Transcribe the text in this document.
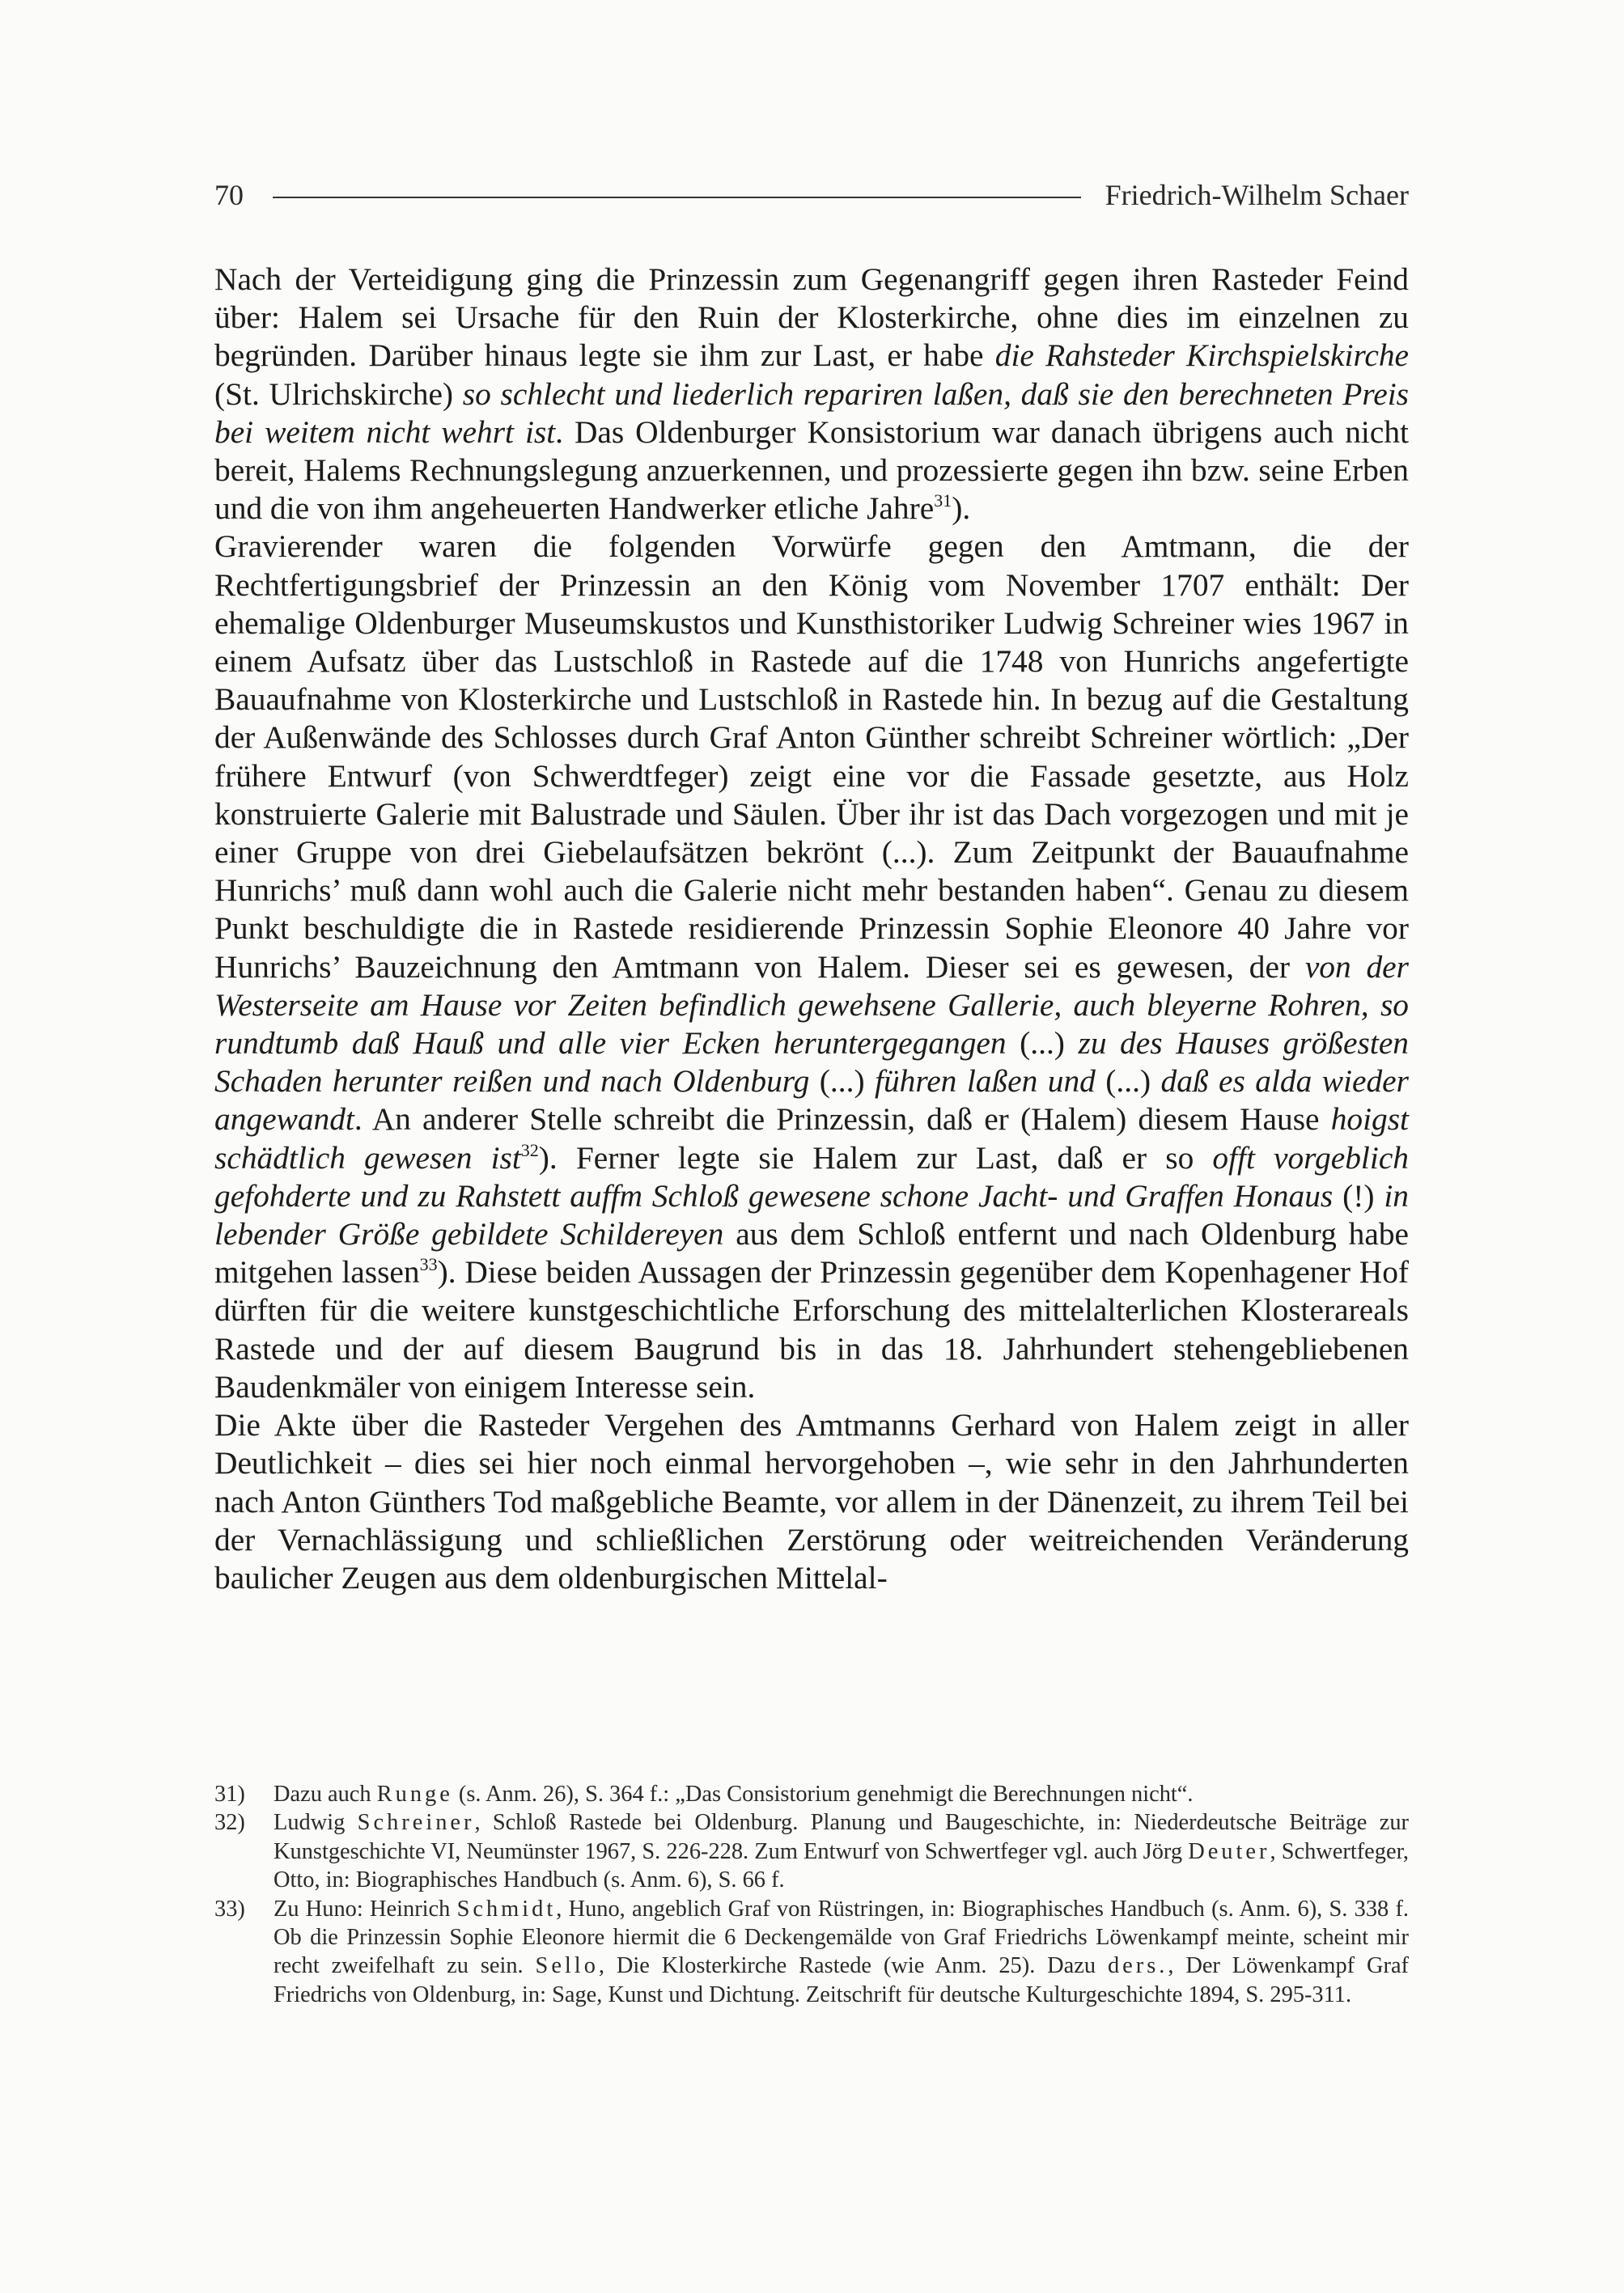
70	Friedrich-Wilhelm Schaer

Nach der Verteidigung ging die Prinzessin zum Gegenangriff gegen ihren Rasteder Feind über: Halem sei Ursache für den Ruin der Klosterkirche, ohne dies im einzelnen zu begründen. Darüber hinaus legte sie ihm zur Last, er habe die Rahsteder Kirchspielskirche (St. Ulrichskirche) so schlecht und liederlich repariren laßen, daß sie den berechneten Preis bei weitem nicht wehrt ist. Das Oldenburger Konsistorium war danach übrigens auch nicht bereit, Halems Rechnungslegung anzuerkennen, und prozessierte gegen ihn bzw. seine Erben und die von ihm angeheuerten Handwerker etliche Jahre$^{31}$).

Gravierender waren die folgenden Vorwürfe gegen den Amtmann, die der Rechtfertigungsbrief der Prinzessin an den König vom November 1707 enthält: Der ehemalige Oldenburger Museumskustos und Kunsthistoriker Ludwig Schreiner wies 1967 in einem Aufsatz über das Lustschloß in Rastede auf die 1748 von Hunrichs angefertigte Bauaufnahme von Klosterkirche und Lustschloß in Rastede hin. In bezug auf die Gestaltung der Außenwände des Schlosses durch Graf Anton Günther schreibt Schreiner wörtlich: „Der frühere Entwurf (von Schwerdtfeger) zeigt eine vor die Fassade gesetzte, aus Holz konstruierte Galerie mit Balustrade und Säulen. Über ihr ist das Dach vorgezogen und mit je einer Gruppe von drei Giebelaufsätzen bekrönt (...). Zum Zeitpunkt der Bauaufnahme Hunrichs’ muß dann wohl auch die Galerie nicht mehr bestanden haben“. Genau zu diesem Punkt beschuldigte die in Rastede residierende Prinzessin Sophie Eleonore 40 Jahre vor Hunrichs’ Bauzeichnung den Amtmann von Halem. Dieser sei es gewesen, der von der Westerseite am Hause vor Zeiten befindlich gewehsene Gallerie, auch bleyerne Rohren, so rundtumb daß Hauß und alle vier Ecken heruntergegangen (...) zu des Hauses größesten Schaden herunter reißen und nach Oldenburg (...) führen laßen und (...) daß es alda wieder angewandt. An anderer Stelle schreibt die Prinzessin, daß er (Halem) diesem Hause hoigst schädtlich gewesen ist$^{32}$). Ferner legte sie Halem zur Last, daß er so offt vorgeblich gefohderte und zu Rahstett auffm Schloß gewesene schone Jacht- und Graffen Honaus (!) in lebender Größe gebildete Schildereyen aus dem Schloß entfernt und nach Oldenburg habe mitgehen lassen$^{33}$). Diese beiden Aussagen der Prinzessin gegenüber dem Kopenhagener Hof dürften für die weitere kunstgeschichtliche Erforschung des mittelalterlichen Klosterareals Rastede und der auf diesem Baugrund bis in das 18. Jahrhundert stehengebliebenen Baudenkmäler von einigem Interesse sein.

Die Akte über die Rasteder Vergehen des Amtmanns Gerhard von Halem zeigt in aller Deutlichkeit – dies sei hier noch einmal hervorgehoben –, wie sehr in den Jahrhunderten nach Anton Günthers Tod maßgebliche Beamte, vor allem in der Dänenzeit, zu ihrem Teil bei der Vernachlässigung und schließlichen Zerstörung oder weitreichenden Veränderung baulicher Zeugen aus dem oldenburgischen Mittelal-

31)	Dazu auch Runge (s. Anm. 26), S. 364 f.: „Das Consistorium genehmigt die Berechnungen nicht“.
32)	Ludwig Schreiner, Schloß Rastede bei Oldenburg. Planung und Baugeschichte, in: Niederdeutsche Beiträge zur Kunstgeschichte VI, Neumünster 1967, S. 226-228. Zum Entwurf von Schwertfeger vgl. auch Jörg Deuter, Schwertfeger, Otto, in: Biographisches Handbuch (s. Anm. 6), S. 66 f.
33)	Zu Huno: Heinrich Schmidt, Huno, angeblich Graf von Rüstringen, in: Biographisches Handbuch (s. Anm. 6), S. 338 f. Ob die Prinzessin Sophie Eleonore hiermit die 6 Deckengemälde von Graf Friedrichs Löwenkampf meinte, scheint mir recht zweifelhaft zu sein. Sello, Die Klosterkirche Rastede (wie Anm. 25). Dazu ders., Der Löwenkampf Graf Friedrichs von Oldenburg, in: Sage, Kunst und Dichtung. Zeitschrift für deutsche Kulturgeschichte 1894, S. 295-311.
